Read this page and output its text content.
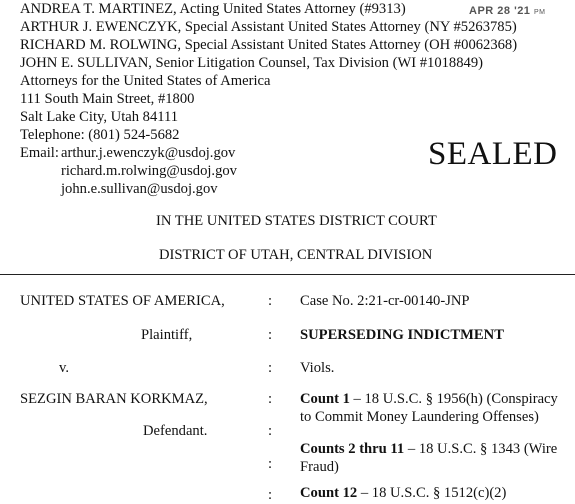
APR 28 '21 PM
ANDREA T. MARTINEZ, Acting United States Attorney (#9313)
ARTHUR J. EWENCZYK, Special Assistant United States Attorney (NY #5263785)
RICHARD M. ROLWING, Special Assistant United States Attorney (OH #0062368)
JOHN E. SULLIVAN, Senior Litigation Counsel, Tax Division (WI #1018849)
Attorneys for the United States of America
111 South Main Street, #1800
Salt Lake City, Utah 84111
Telephone: (801) 524-5682
Email: arthur.j.ewenczyk@usdoj.gov
richard.m.rolwing@usdoj.gov
john.e.sullivan@usdoj.gov
SEALED
IN THE UNITED STATES DISTRICT COURT
DISTRICT OF UTAH, CENTRAL DIVISION
UNITED STATES OF AMERICA,
Plaintiff,
v.
SEZGIN BARAN KORKMAZ,
Defendant.
:
:
:
:
:
:
:
Case No. 2:21-cr-00140-JNP
SUPERSEDING INDICTMENT
Viols.
Count 1 – 18 U.S.C. § 1956(h) (Conspiracy
to Commit Money Laundering Offenses)
Counts 2 thru 11 – 18 U.S.C. § 1343 (Wire
Fraud)
Count 12 – 18 U.S.C. § 1512(c)(2)
